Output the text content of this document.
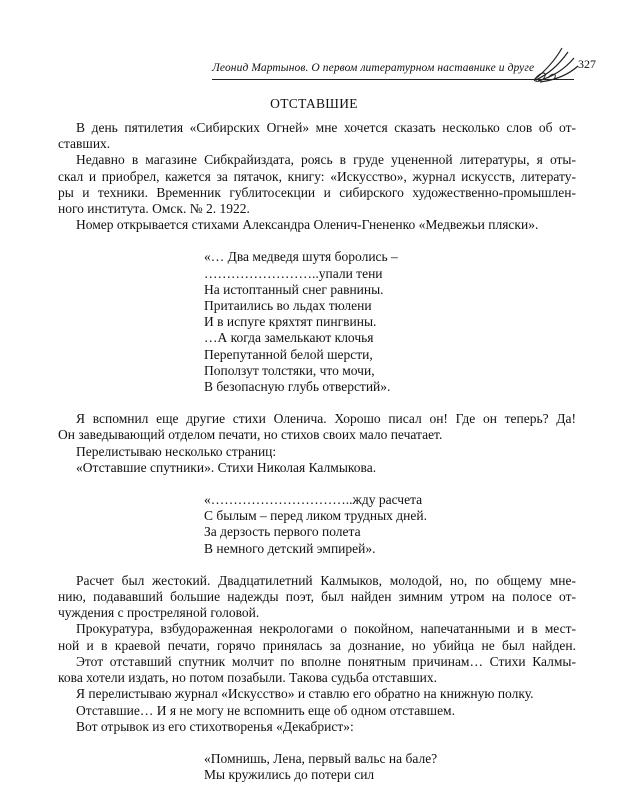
Леонид Мартынов. О первом литературном наставнике и друге	327
ОТСТАВШИЕ
В день пятилетия «Сибирских Огней» мне хочется сказать несколько слов об от-
ставших.
Недавно в магазине Сибкрайиздата, роясь в груде уцененной литературы, я оты-
скал и приобрел, кажется за пятачок, книгу: «Искусство», журнал искусств, литерату-
ры и техники. Временник гублитосекции и сибирского художественно-промышлен-
ного института. Омск. № 2. 1922.
Номер открывается стихами Александра Оленич-Гнененко «Медвежьи пляски».
«… Два медведя шутя боролись –
……………………..упали тени
На истоптанный снег равнины.
Притаились во льдах тюлени
И в испуге кряхтят пингвины.
…А когда замелькают клочья
Перепутанной белой шерсти,
Поползут толстяки, что мочи,
В безопасную глубь отверстий».
Я вспомнил еще другие стихи Оленича. Хорошо писал он! Где он теперь? Да!
Он заведывающий отделом печати, но стихов своих мало печатает.
Перелистываю несколько страниц:
«Отставшие спутники». Стихи Николая Калмыкова.
«…………………………..жду расчета
С былым – перед ликом трудных дней.
За дерзость первого полета
В немного детский эмпирей».
Расчет был жестокий. Двадцатилетний Калмыков, молодой, но, по общему мне-
нию, подававший большие надежды поэт, был найден зимним утром на полосе от-
чуждения с простреляной головой.
Прокуратура, взбудораженная некрологами о покойном, напечатанными и в мест-
ной и в краевой печати, горячо принялась за дознание, но убийца не был найден.
Этот отставший спутник молчит по вполне понятным причинам… Стихи Калмы-
кова хотели издать, но потом позабыли. Такова судьба отставших.
Я перелистываю журнал «Искусство» и ставлю его обратно на книжную полку.
Отставшие… И я не могу не вспомнить еще об одном отставшем.
Вот отрывок из его стихотворенья «Декабрист»:
«Помнишь, Лена, первый вальс на бале?
Мы кружились до потери сил
